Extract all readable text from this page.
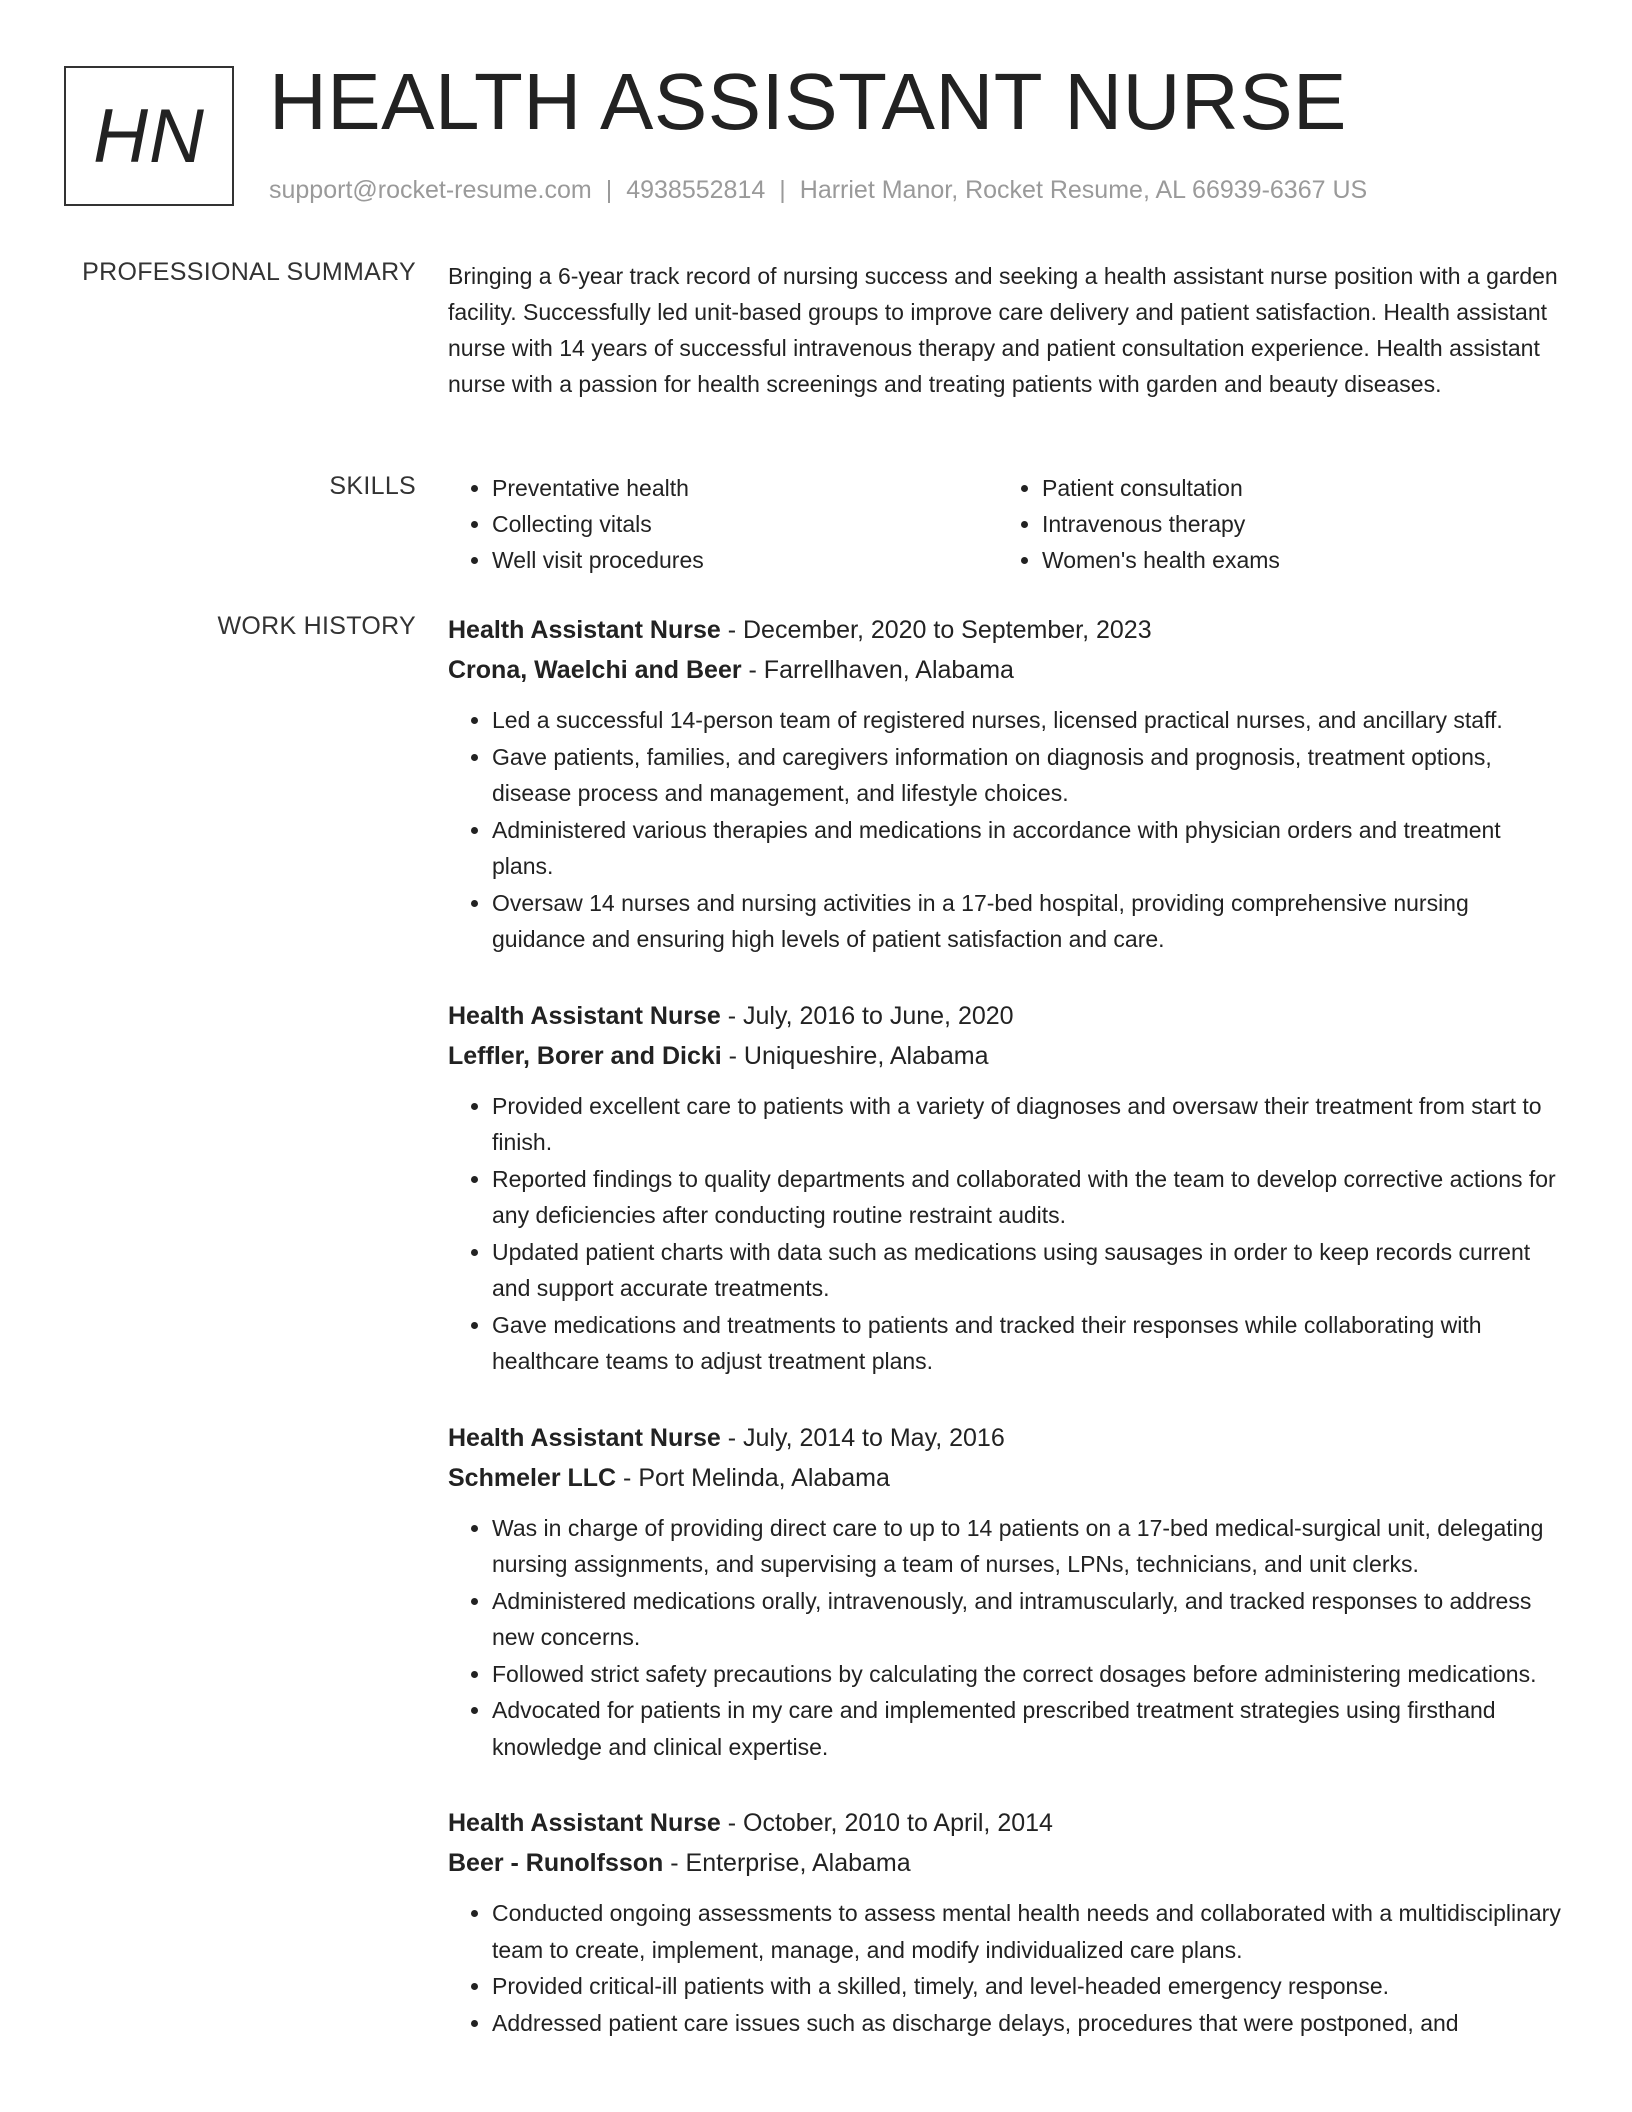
HN HEALTH ASSISTANT NURSE
support@rocket-resume.com | 4938552814 | Harriet Manor, Rocket Resume, AL 66939-6367 US
PROFESSIONAL SUMMARY Bringing a 6-year track record of nursing success and seeking a health assistant nurse position with a garden facility. Successfully led unit-based groups to improve care delivery and patient satisfaction. Health assistant nurse with 14 years of successful intravenous therapy and patient consultation experience. Health assistant nurse with a passion for health screenings and treating patients with garden and beauty diseases.

SKILLS
•	Preventative health
• Collecting vitals
• Well visit procedures
• Patient consultation
• Intravenous therapy
• Women's health exams
WORK HISTORY Health Assistant Nurse - December, 2020 to September, 2023
Crona, Waelchi and Beer - Farrellhaven, Alabama
• Led a successful 14-person team of registered nurses, licensed practical nurses, and ancillary staff.
• Gave patients, families, and caregivers information on diagnosis and prognosis, treatment options, disease process and management, and lifestyle choices.
• Administered various therapies and medications in accordance with physician orders and treatment plans.
• Oversaw 14 nurses and nursing activities in a 17-bed hospital, providing comprehensive nursing guidance and ensuring high levels of patient satisfaction and care.
Health Assistant Nurse - July, 2016 to June, 2020
Leffler, Borer and Dicki - Uniqueshire, Alabama
• Provided excellent care to patients with a variety of diagnoses and oversaw their treatment from start to finish.
• Reported findings to quality departments and collaborated with the team to develop corrective actions for any deficiencies after conducting routine restraint audits.
• Updated patient charts with data such as medications using sausages in order to keep records current and support accurate treatments.
• Gave medications and treatments to patients and tracked their responses while collaborating with healthcare teams to adjust treatment plans.
Health Assistant Nurse - July, 2014 to May, 2016
Schmeler LLC - Port Melinda, Alabama
• Was in charge of providing direct care to up to 14 patients on a 17-bed medical-surgical unit, delegating nursing assignments, and supervising a team of nurses, LPNs, technicians, and unit clerks.
• Administered medications orally, intravenously, and intramuscularly, and tracked responses to address new concerns.
• Followed strict safety precautions by calculating the correct dosages before administering medications.
• Advocated for patients in my care and implemented prescribed treatment strategies using firsthand knowledge and clinical expertise.
Health Assistant Nurse - October, 2010 to April, 2014
Beer - Runolfsson - Enterprise, Alabama
• Conducted ongoing assessments to assess mental health needs and collaborated with a multidisciplinary team to create, implement, manage, and modify individualized care plans.
• Provided critical-ill patients with a skilled, timely, and level-headed emergency response.
• Addressed patient care issues such as discharge delays, procedures that were postponed, and
